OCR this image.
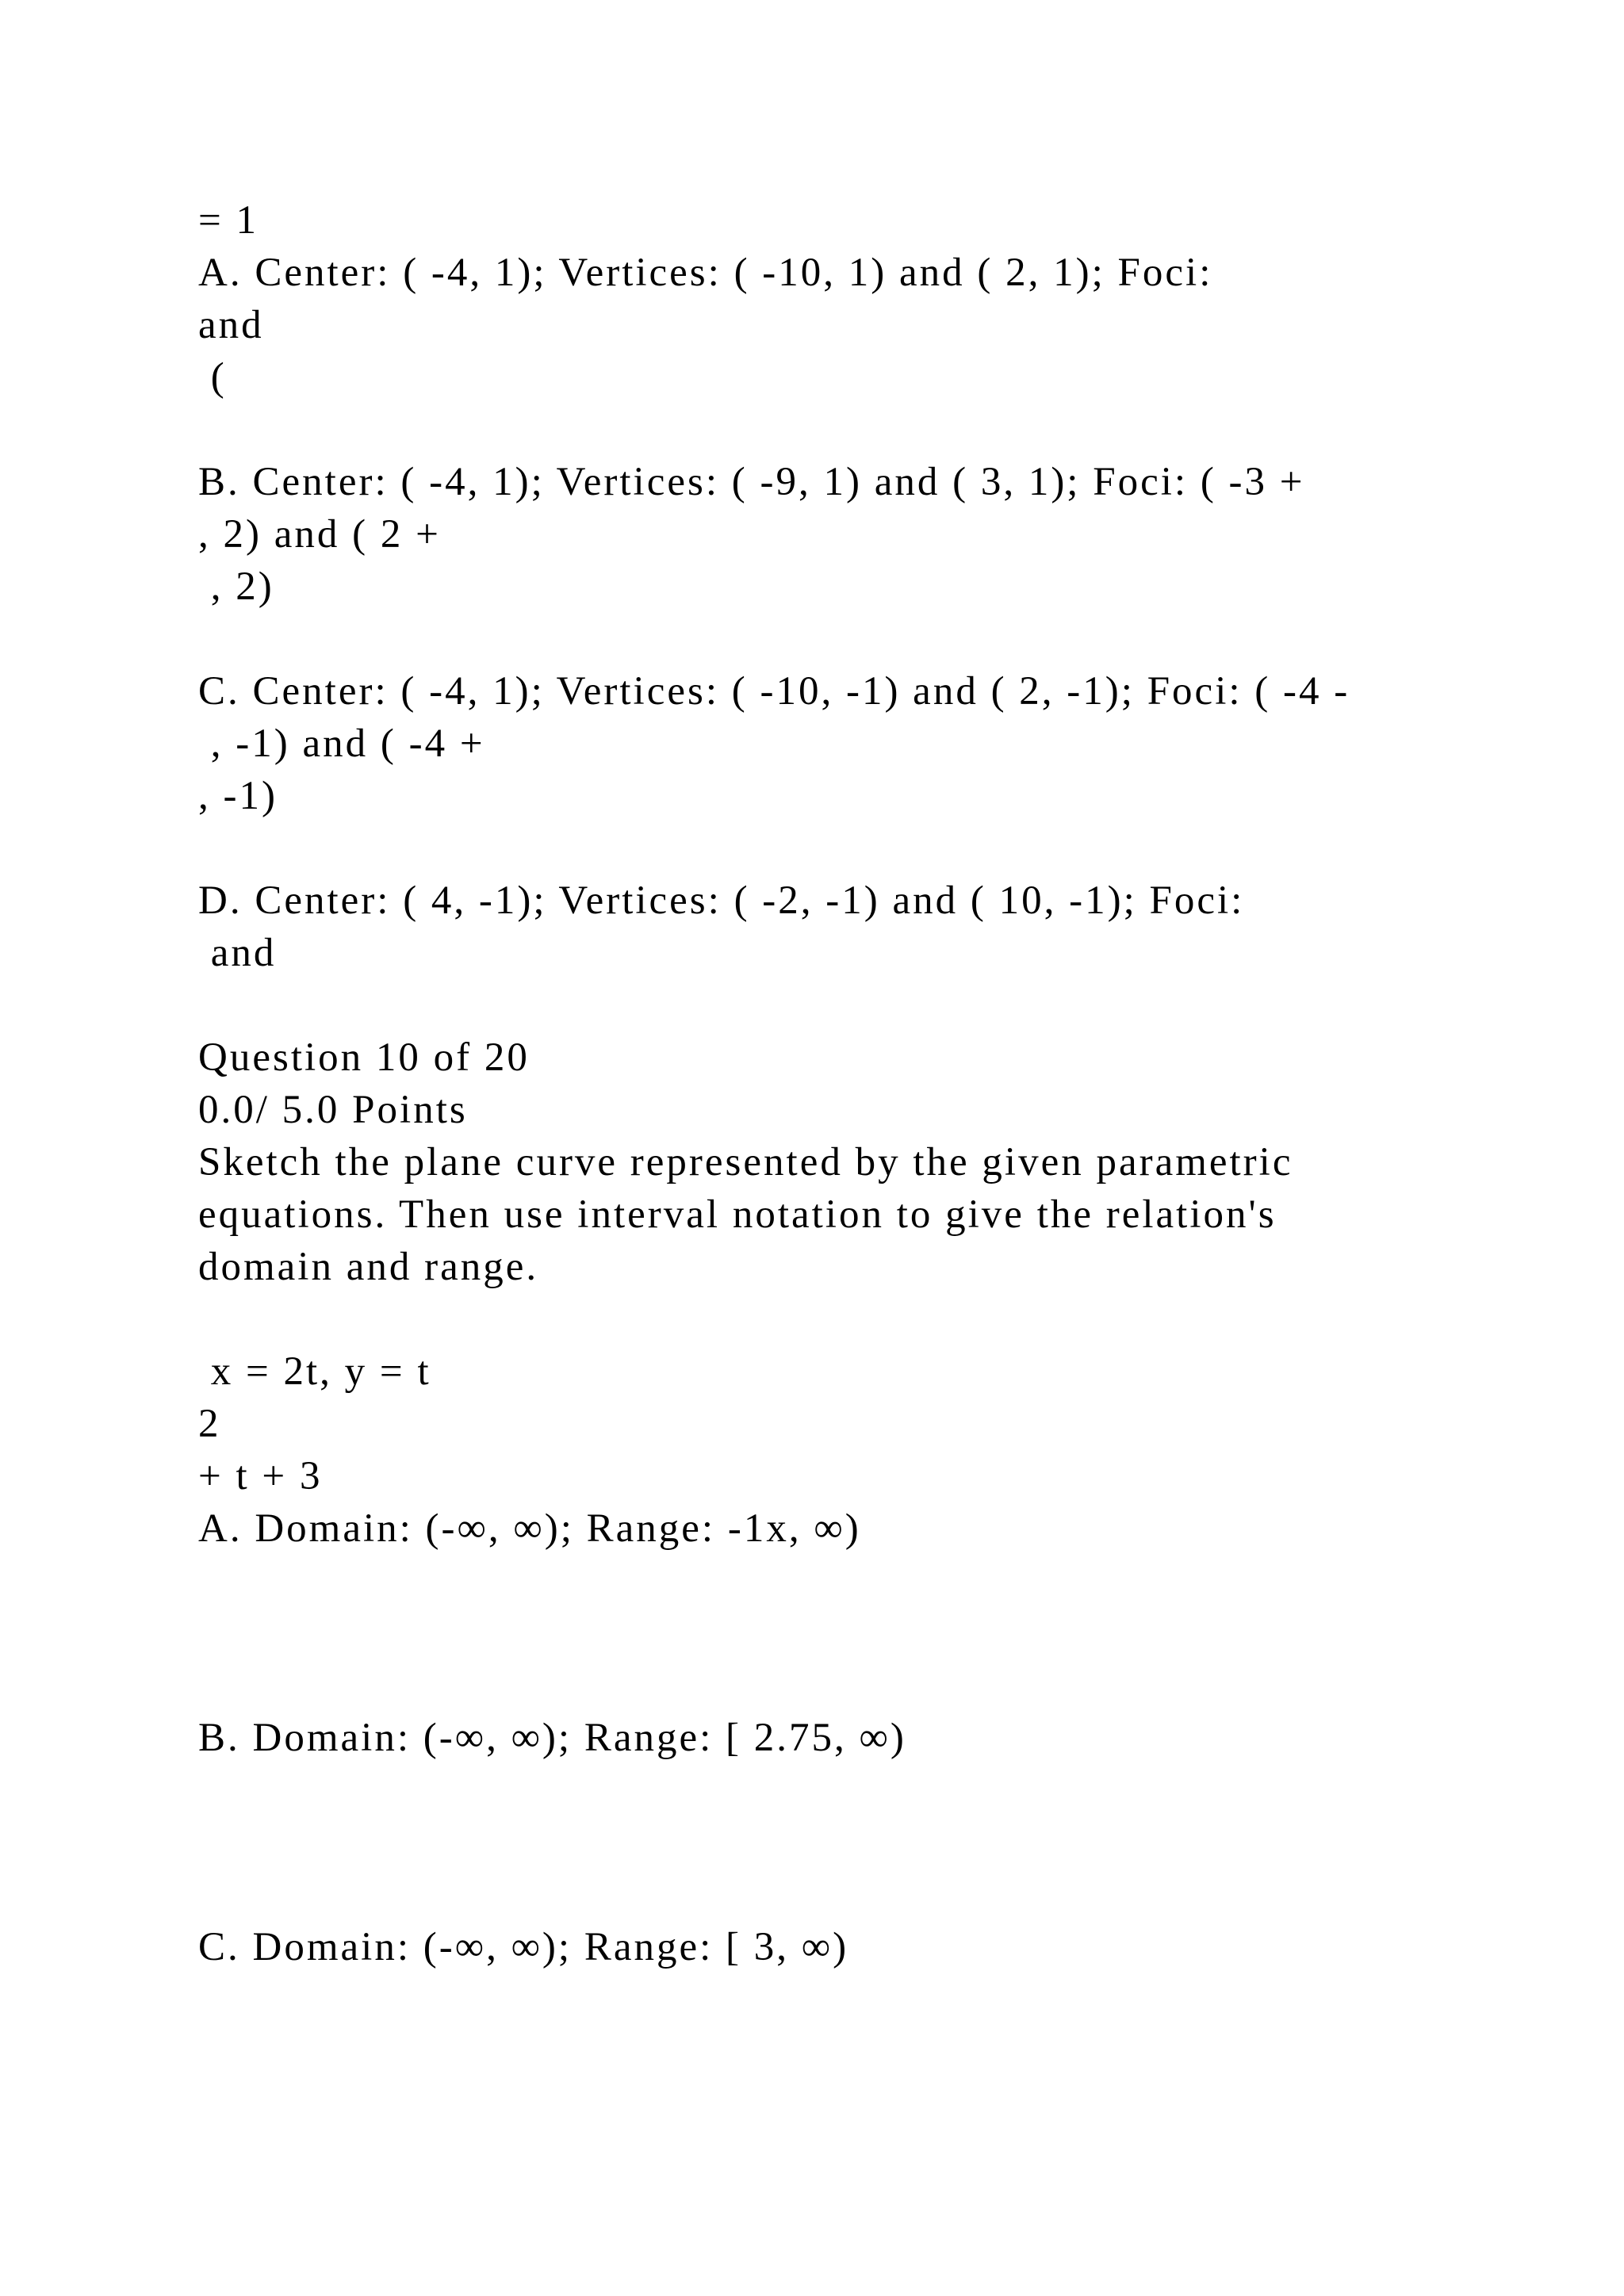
= 1
A. Center: ( -4, 1); Vertices: ( -10, 1) and ( 2, 1); Foci:
and
(
B. Center: ( -4, 1); Vertices: ( -9, 1) and ( 3, 1); Foci: ( -3 +
, 2) and ( 2 +
, 2)
C. Center: ( -4, 1); Vertices: ( -10, -1) and ( 2, -1); Foci: ( -4 -
, -1) and ( -4 +
, -1)
D. Center: ( 4, -1); Vertices: ( -2, -1) and ( 10, -1); Foci:
and
Question 10 of 20
0.0/ 5.0 Points
Sketch the plane curve represented by the given parametric
equations. Then use interval notation to give the relation's
domain and range.
x = 2t, y = t
2
+ t + 3
A. Domain: (-∞, ∞); Range: -1x, ∞)
B. Domain: (-∞, ∞); Range: [ 2.75, ∞)
C. Domain: (-∞, ∞); Range: [ 3, ∞)
